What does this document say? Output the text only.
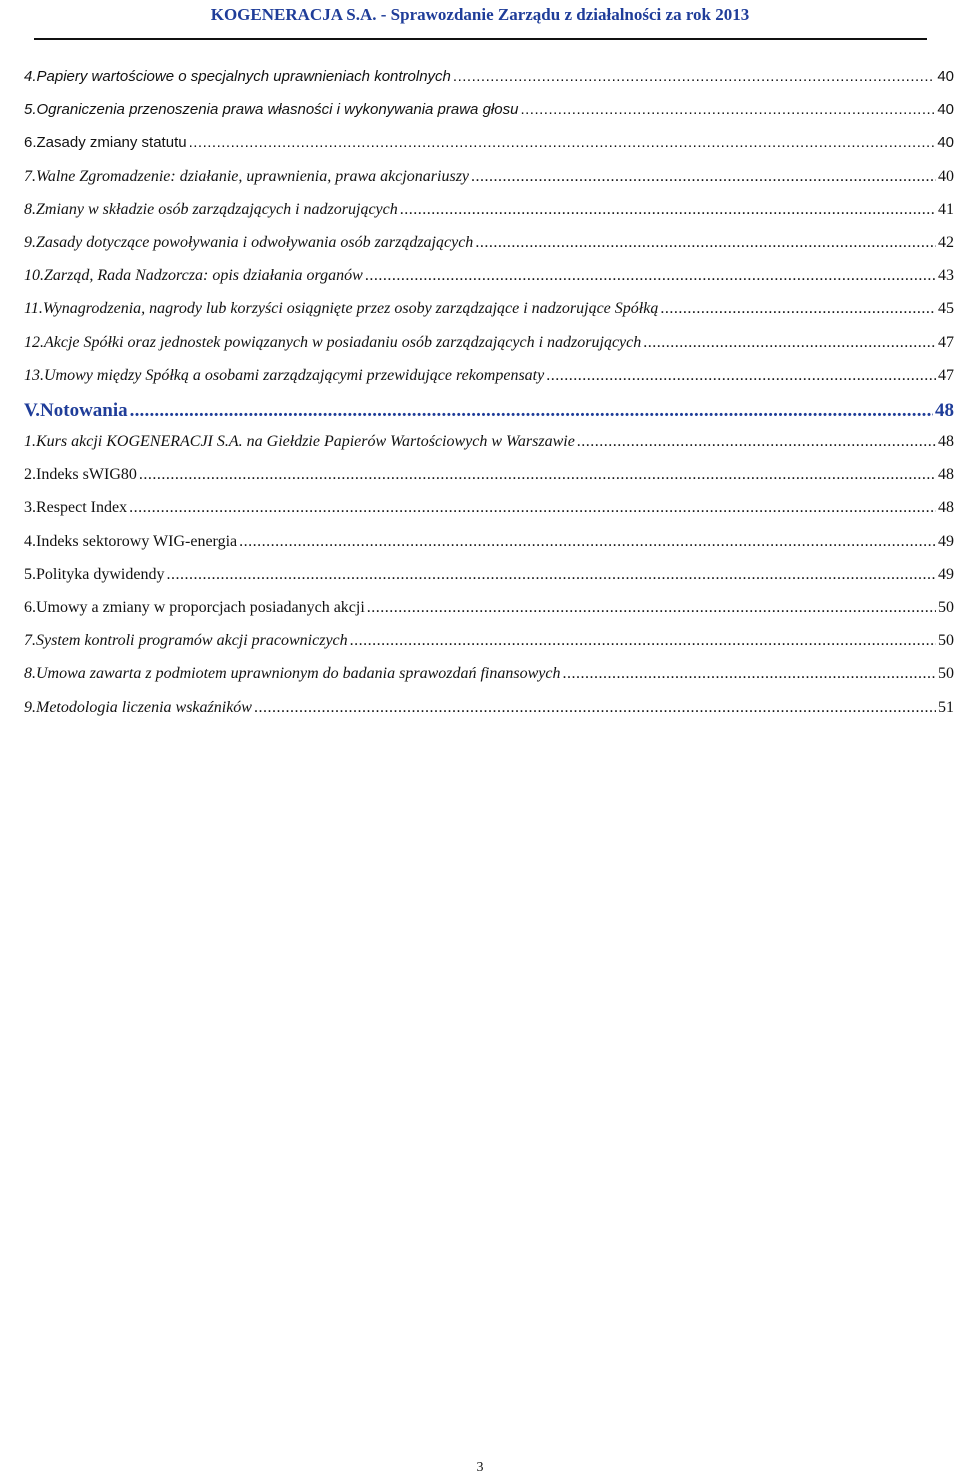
KOGENERACJA S.A. - Sprawozdanie Zarządu z działalności za rok 2013
4. Papiery wartościowe o specjalnych uprawnieniach kontrolnych .....	40
5. Ograniczenia przenoszenia prawa własności i wykonywania prawa głosu .....	40
6. Zasady zmiany statutu .....	40
7. Walne Zgromadzenie: działanie, uprawnienia, prawa akcjonariuszy .....	40
8. Zmiany w składzie osób zarządzających i nadzorujących .....	41
9. Zasady dotyczące powoływania i odwoływania osób zarządzających .....	42
10. Zarząd, Rada Nadzorcza: opis działania organów .....	43
11. Wynagrodzenia, nagrody lub korzyści osiągnięte przez osoby zarządzające i nadzorujące Spółką .....	45
12. Akcje Spółki oraz jednostek powiązanych w posiadaniu osób zarządzających i nadzorujących .....	47
13. Umowy między Spółką a osobami zarządzającymi przewidujące rekompensaty .....	47
V. Notowania .....	48
1. Kurs akcji KOGENERACJI S.A. na Giełdzie Papierów Wartościowych w Warszawie .....	48
2. Indeks sWIG80 .....	48
3. Respect Index .....	48
4. Indeks sektorowy WIG-energia .....	49
5. Polityka dywidendy .....	49
6. Umowy a zmiany w proporcjach posiadanych akcji .....	50
7. System kontroli programów akcji pracowniczych .....	50
8. Umowa zawarta z podmiotem uprawnionym do badania sprawozdań finansowych .....	50
9. Metodologia liczenia wskaźników .....	51
3
